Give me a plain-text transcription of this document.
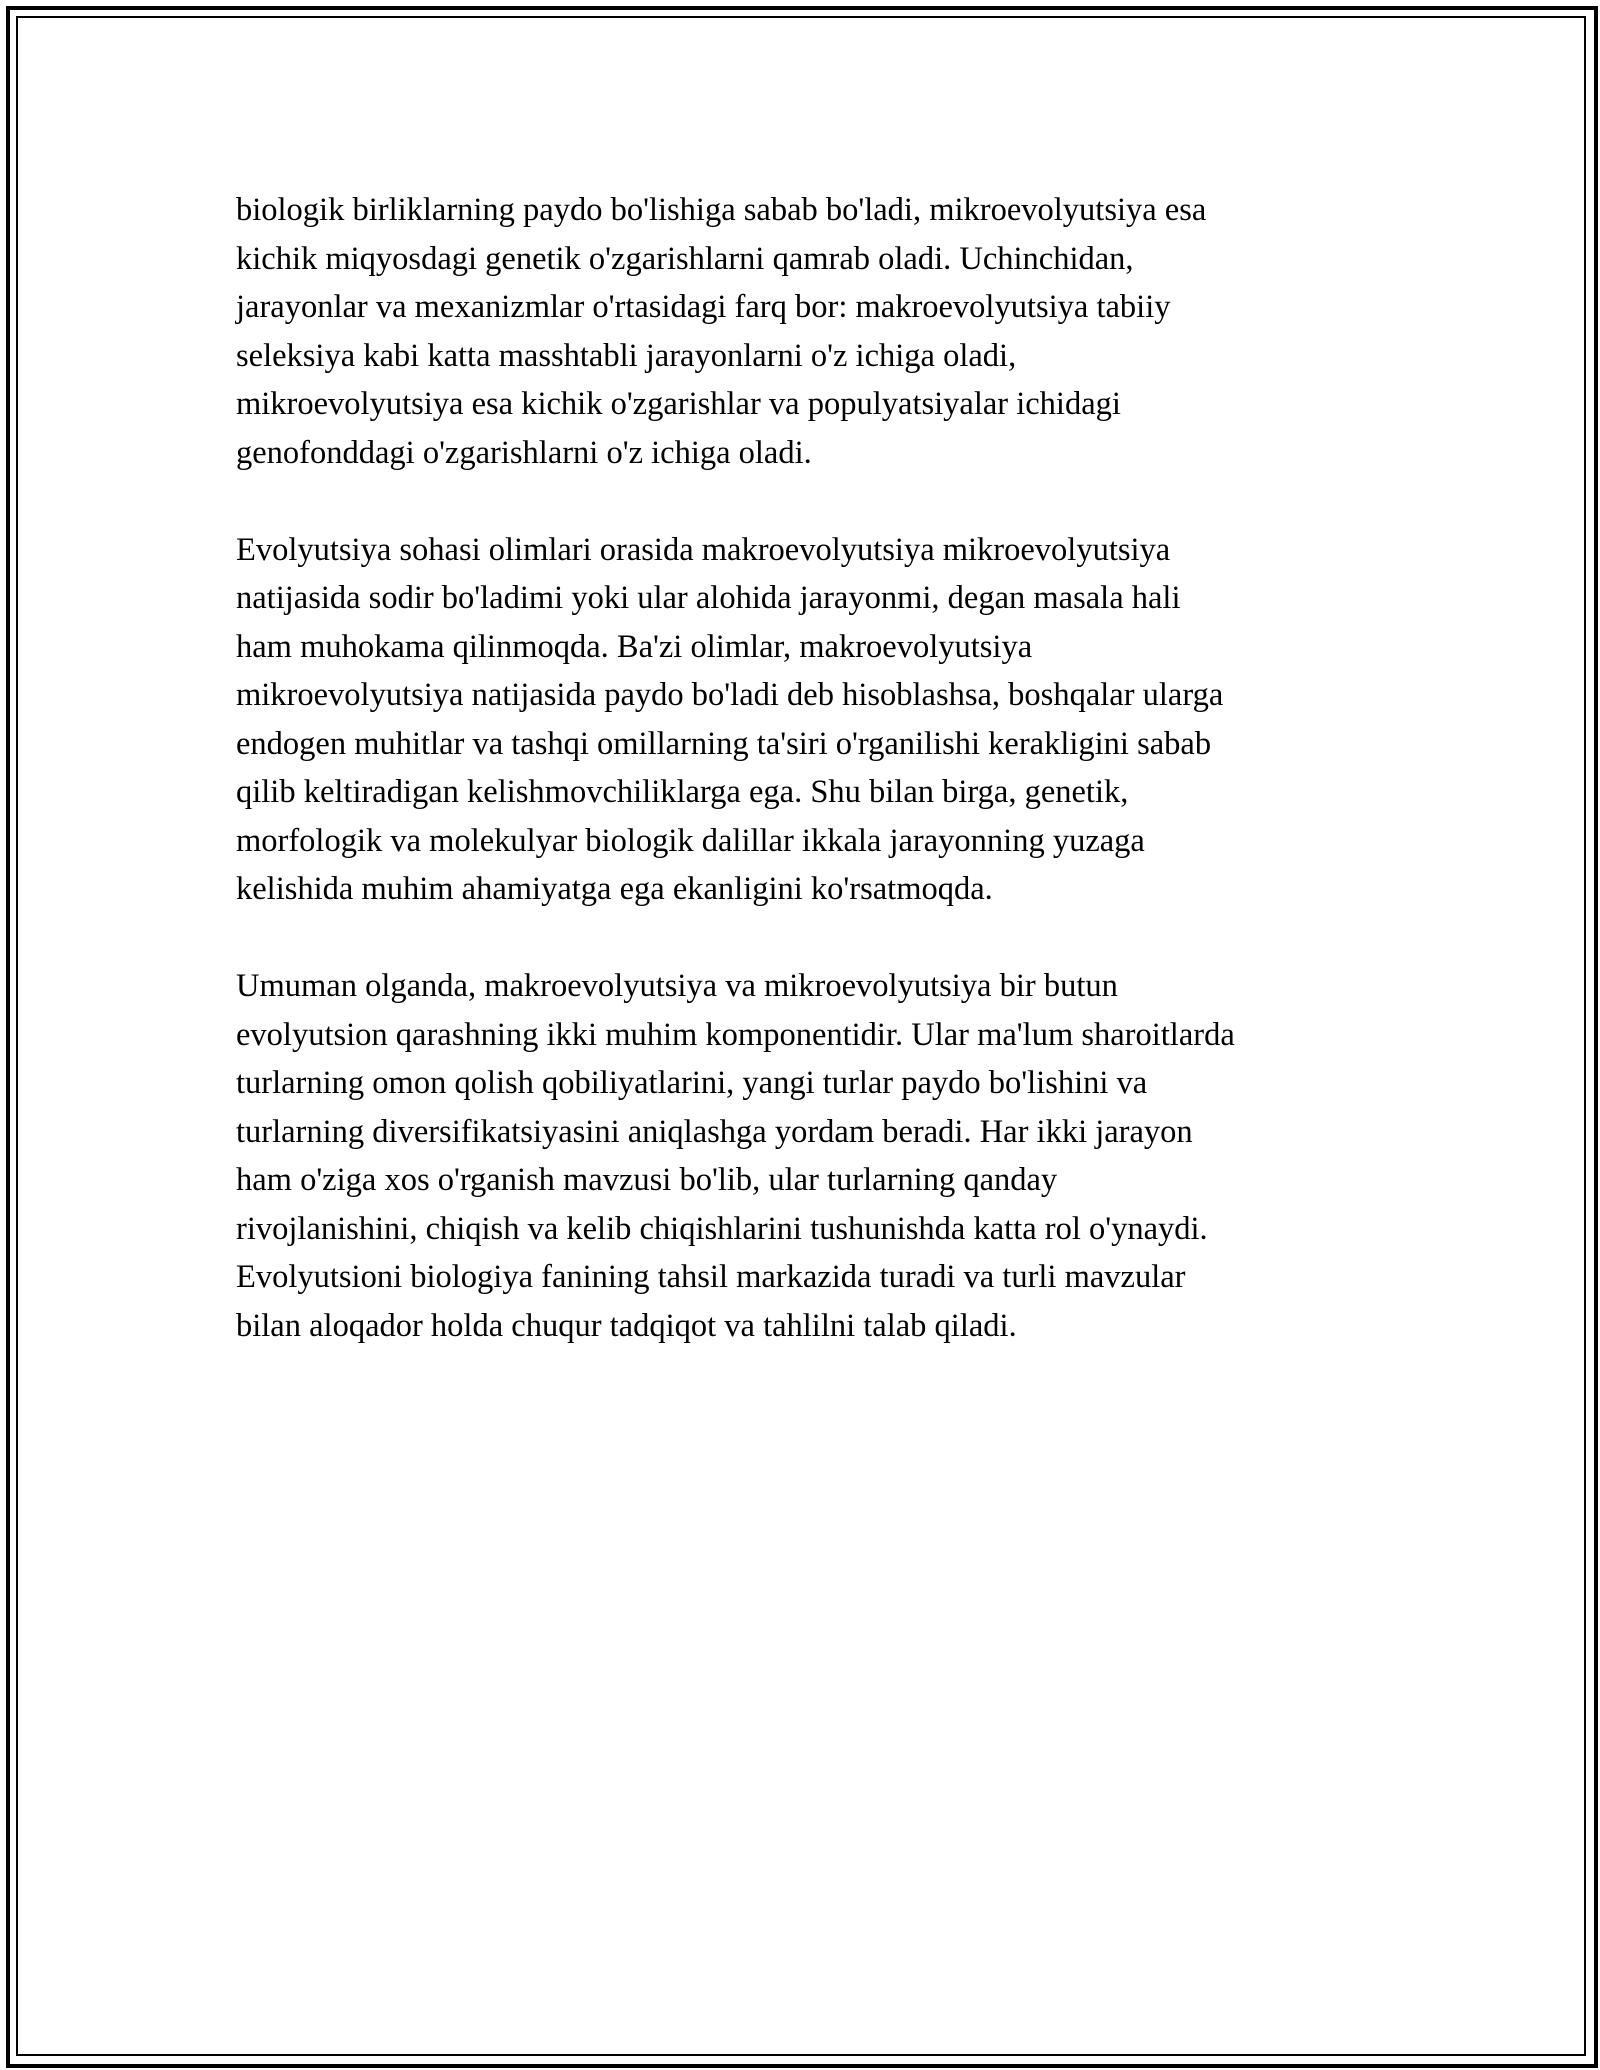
biologik birliklarning paydo bo'lishiga sabab bo'ladi, mikroevolyutsiya esa
kichik miqyosdagi genetik o'zgarishlarni qamrab oladi. Uchinchidan,
jarayonlar va mexanizmlar o'rtasidagi farq bor: makroevolyutsiya tabiiy
seleksiya kabi katta masshtabli jarayonlarni o'z ichiga oladi,
mikroevolyutsiya esa kichik o'zgarishlar va populyatsiyalar ichidagi
genofonddagi o'zgarishlarni o'z ichiga oladi.

Evolyutsiya sohasi olimlari orasida makroevolyutsiya mikroevolyutsiya
natijasida sodir bo'ladimi yoki ular alohida jarayonmi, degan masala hali
ham muhokama qilinmoqda. Ba'zi olimlar, makroevolyutsiya
mikroevolyutsiya natijasida paydo bo'ladi deb hisoblashsa, boshqalar ularga
endogen muhitlar va tashqi omillarning ta'siri o'rganilishi kerakligini sabab
qilib keltiradigan kelishmovchiliklarga ega. Shu bilan birga, genetik,
morfologik va molekulyar biologik dalillar ikkala jarayonning yuzaga
kelishida muhim ahamiyatga ega ekanligini ko'rsatmoqda.

Umuman olganda, makroevolyutsiya va mikroevolyutsiya bir butun
evolyutsion qarashning ikki muhim komponentidir. Ular ma'lum sharoitlarda
turlarning omon qolish qobiliyatlarini, yangi turlar paydo bo'lishini va
turlarning diversifikatsiyasini aniqlashga yordam beradi. Har ikki jarayon
ham o'ziga xos o'rganish mavzusi bo'lib, ular turlarning qanday
rivojlanishini, chiqish va kelib chiqishlarini tushunishda katta rol o'ynaydi.
Evolyutsioni biologiya fanining tahsil markazida turadi va turli mavzular
bilan aloqador holda chuqur tadqiqot va tahlilni talab qiladi.
